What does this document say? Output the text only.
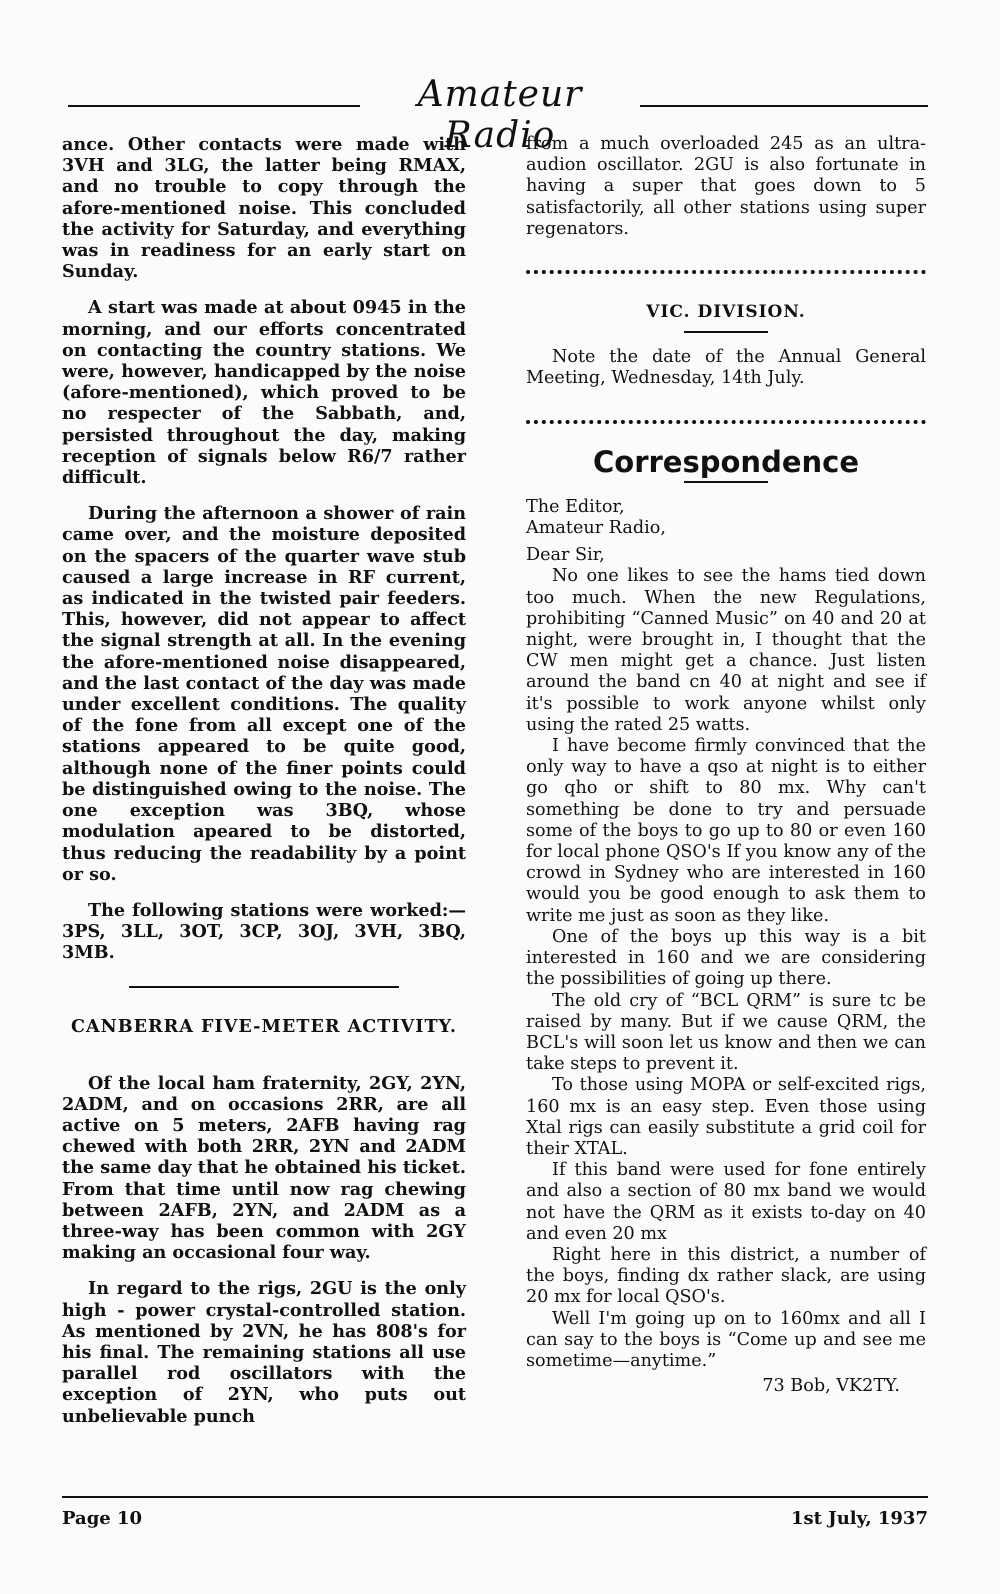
Amateur Radio

ance. Other contacts were made with 3VH and 3LG, the latter being RMAX, and no trouble to copy through the afore-mentioned noise. This concluded the activity for Saturday, and everything was in readiness for an early start on Sunday.

A start was made at about 0945 in the morning, and our efforts concentrated on contacting the country stations. We were, however, handicapped by the noise (afore-mentioned), which proved to be no respecter of the Sabbath, and, persisted throughout the day, making reception of signals below R6/7 rather difficult.

During the afternoon a shower of rain came over, and the moisture deposited on the spacers of the quarter wave stub caused a large increase in RF current, as indicated in the twisted pair feeders. This, however, did not appear to affect the signal strength at all. In the evening the afore-mentioned noise disappeared, and the last contact of the day was made under excellent conditions. The quality of the fone from all except one of the stations appeared to be quite good, although none of the finer points could be distinguished owing to the noise. The one exception was 3BQ, whose modulation apeared to be distorted, thus reducing the readability by a point or so.

The following stations were worked:—3PS, 3LL, 3OT, 3CP, 3OJ, 3VH, 3BQ, 3MB.

CANBERRA FIVE-METER ACTIVITY.

Of the local ham fraternity, 2GY, 2YN, 2ADM, and on occasions 2RR, are all active on 5 meters, 2AFB having rag chewed with both 2RR, 2YN and 2ADM the same day that he obtained his ticket. From that time until now rag chewing between 2AFB, 2YN, and 2ADM as a three-way has been common with 2GY making an occasional four way.

In regard to the rigs, 2GU is the only high - power crystal-controlled station. As mentioned by 2VN, he has 808's for his final. The remaining stations all use parallel rod oscillators with the exception of 2YN, who puts out unbelievable punch

from a much overloaded 245 as an ultra-audion oscillator. 2GU is also fortunate in having a super that goes down to 5 satisfactorily, all other stations using super regenators.

VIC. DIVISION.

Note the date of the Annual General Meeting, Wednesday, 14th July.

Correspondence

The Editor,

Amateur Radio,

Dear Sir,

No one likes to see the hams tied down too much. When the new Regulations, prohibiting “Canned Music” on 40 and 20 at night, were brought in, I thought that the CW men might get a chance. Just listen around the band cn 40 at night and see if it's possible to work anyone whilst only using the rated 25 watts.

I have become firmly convinced that the only way to have a qso at night is to either go qho or shift to 80 mx. Why can't something be done to try and persuade some of the boys to go up to 80 or even 160 for local phone QSO's If you know any of the crowd in Sydney who are interested in 160 would you be good enough to ask them to write me just as soon as they like.

One of the boys up this way is a bit interested in 160 and we are considering the possibilities of going up there.

The old cry of “BCL QRM” is sure tc be raised by many. But if we cause QRM, the BCL's will soon let us know and then we can take steps to prevent it.

To those using MOPA or self-excited rigs, 160 mx is an easy step. Even those using Xtal rigs can easily substitute a grid coil for their XTAL.

If this band were used for fone entirely and also a section of 80 mx band we would not have the QRM as it exists to-day on 40 and even 20 mx

Right here in this district, a number of the boys, finding dx rather slack, are using 20 mx for local QSO's.

Well I'm going up on to 160mx and all I can say to the boys is “Come up and see me sometime—anytime.”

73 Bob, VK2TY.
Page 10	1st July, 1937
